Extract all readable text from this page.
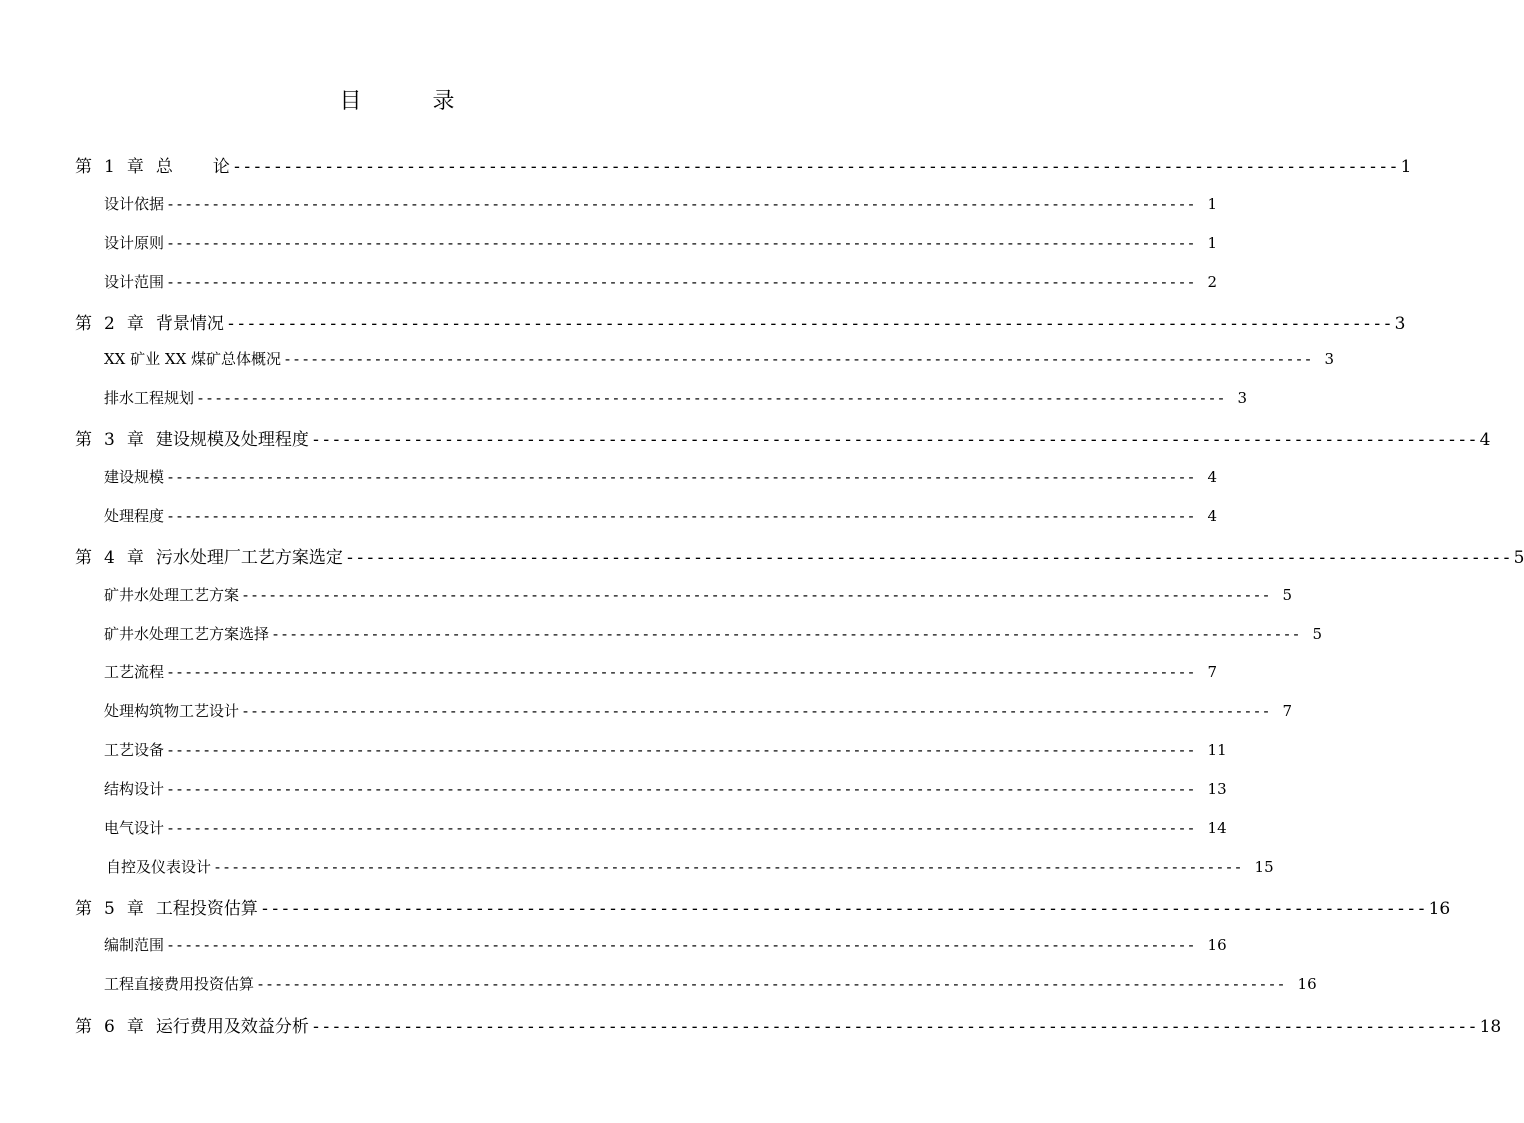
目	录
第 1 章 总 论 ------------------------------------------------------------------------------------------------------------------ 1
设计依据 ------------------------------------------------------------------------------------------------------------------ 1
设计原则 ------------------------------------------------------------------------------------------------------------------ 1
设计范围 ------------------------------------------------------------------------------------------------------------------ 2
第 2 章 背景情况 ------------------------------------------------------------------------------------------------------------------ 3
XX 矿业 XX 煤矿总体概况 ------------------------------------------------------------------------------------------------------------------ 3
排水工程规划 ------------------------------------------------------------------------------------------------------------------ 3
第 3 章 建设规模及处理程度 ------------------------------------------------------------------------------------------------------------------ 4
建设规模 ------------------------------------------------------------------------------------------------------------------ 4
处理程度 ------------------------------------------------------------------------------------------------------------------ 4
第 4 章 污水处理厂工艺方案选定 ------------------------------------------------------------------------------------------------------------------ 5
矿井水处理工艺方案 ------------------------------------------------------------------------------------------------------------------ 5
矿井水处理工艺方案选择 ------------------------------------------------------------------------------------------------------------------ 5
工艺流程 ------------------------------------------------------------------------------------------------------------------ 7
处理构筑物工艺设计 ------------------------------------------------------------------------------------------------------------------ 7
工艺设备 ------------------------------------------------------------------------------------------------------------------ 11
结构设计 ------------------------------------------------------------------------------------------------------------------ 13
电气设计 ------------------------------------------------------------------------------------------------------------------ 14
自控及仪表设计 ------------------------------------------------------------------------------------------------------------------ 15
第 5 章 工程投资估算 ------------------------------------------------------------------------------------------------------------------ 16
编制范围 ------------------------------------------------------------------------------------------------------------------ 16
工程直接费用投资估算 ------------------------------------------------------------------------------------------------------------------ 16
第 6 章 运行费用及效益分析 ------------------------------------------------------------------------------------------------------------------ 18
